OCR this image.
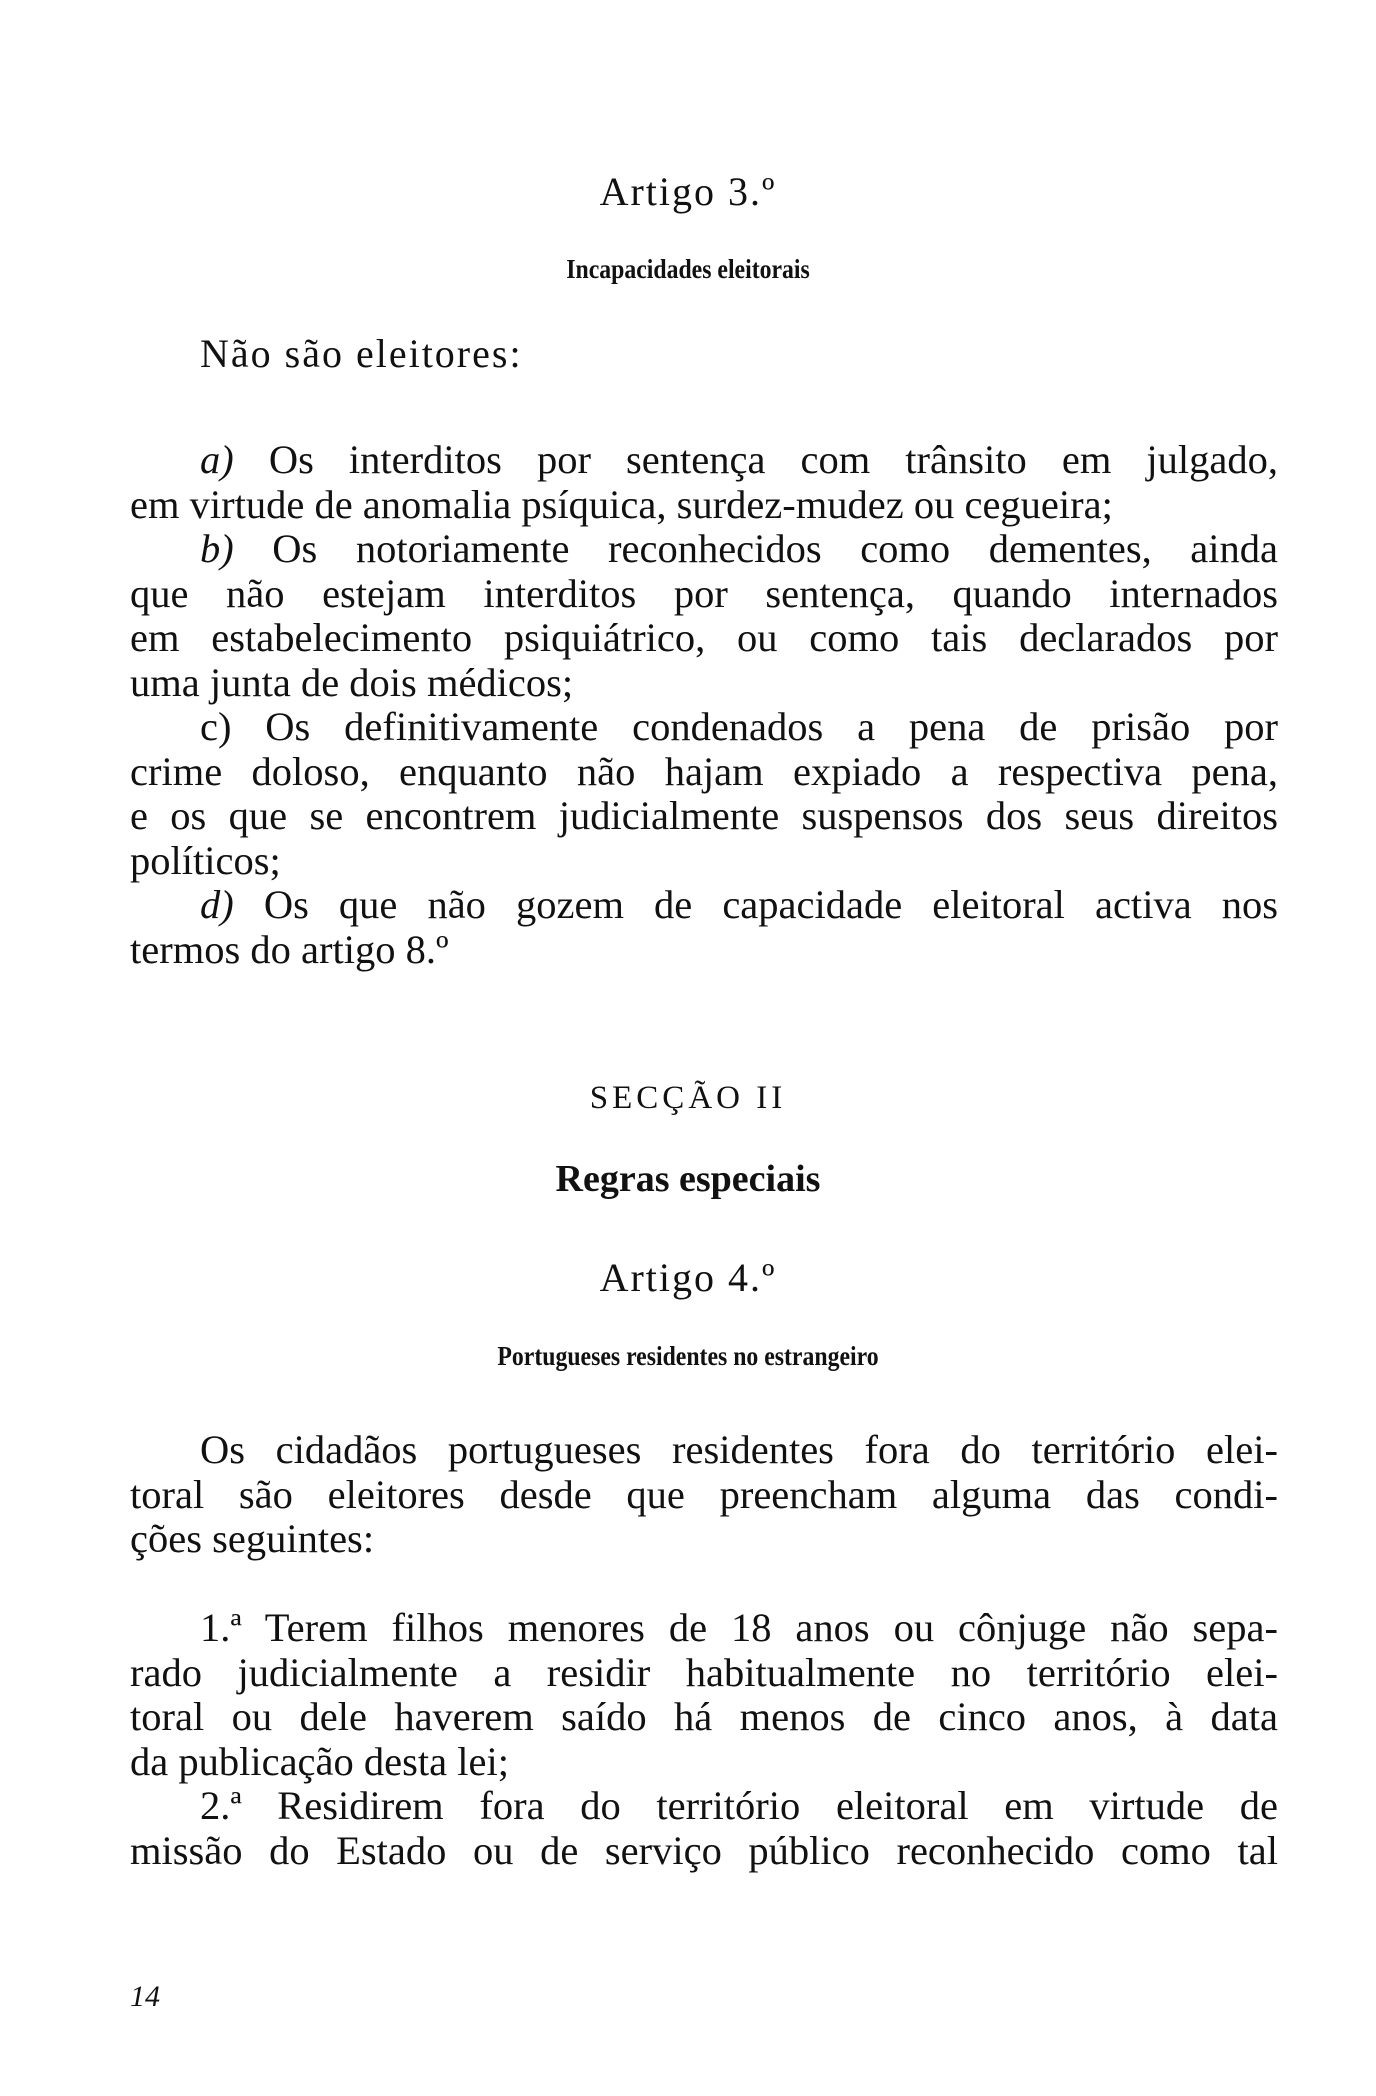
Artigo 3.º
Incapacidades eleitorais
Não são eleitores:
a) Os interditos por sentença com trânsito em julgado,
em virtude de anomalia psíquica, surdez-mudez ou cegueira;
b) Os notoriamente reconhecidos como dementes, ainda
que não estejam interditos por sentença, quando internados
em estabelecimento psiquiátrico, ou como tais declarados por
uma junta de dois médicos;
c) Os definitivamente condenados a pena de prisão por
crime doloso, enquanto não hajam expiado a respectiva pena,
e os que se encontrem judicialmente suspensos dos seus direitos
políticos;
d) Os que não gozem de capacidade eleitoral activa nos
termos do artigo 8.º
SECÇÃO II
Regras especiais
Artigo 4.º
Portugueses residentes no estrangeiro
Os cidadãos portugueses residentes fora do território elei-
toral são eleitores desde que preencham alguma das condi-
ções seguintes:
1.ª Terem filhos menores de 18 anos ou cônjuge não sepa-
rado judicialmente a residir habitualmente no território elei-
toral ou dele haverem saído há menos de cinco anos, à data
da publicação desta lei;
2.ª Residirem fora do território eleitoral em virtude de
missão do Estado ou de serviço público reconhecido como tal
14
